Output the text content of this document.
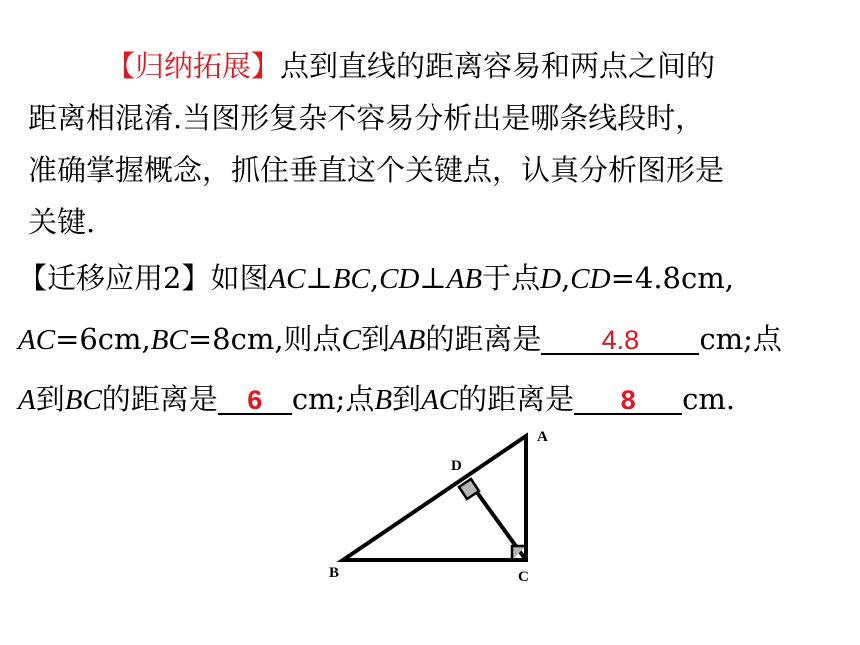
【归纳拓展】点到直线的距离容易和两点之间的
距离相混淆.当图形复杂不容易分析出是哪条线段时，
准确掌握概念，抓住垂直这个关键点，认真分析图形是
关键.
【迁移应用2】如图AC⊥BC,CD⊥AB于点D,CD=4.8cm,
AC=6cm,BC=8cm,则点C到AB的距离是 4.8 cm;点
A到BC的距离是 6 cm;点B到AC的距离是 8 cm.
A
B	C
D
